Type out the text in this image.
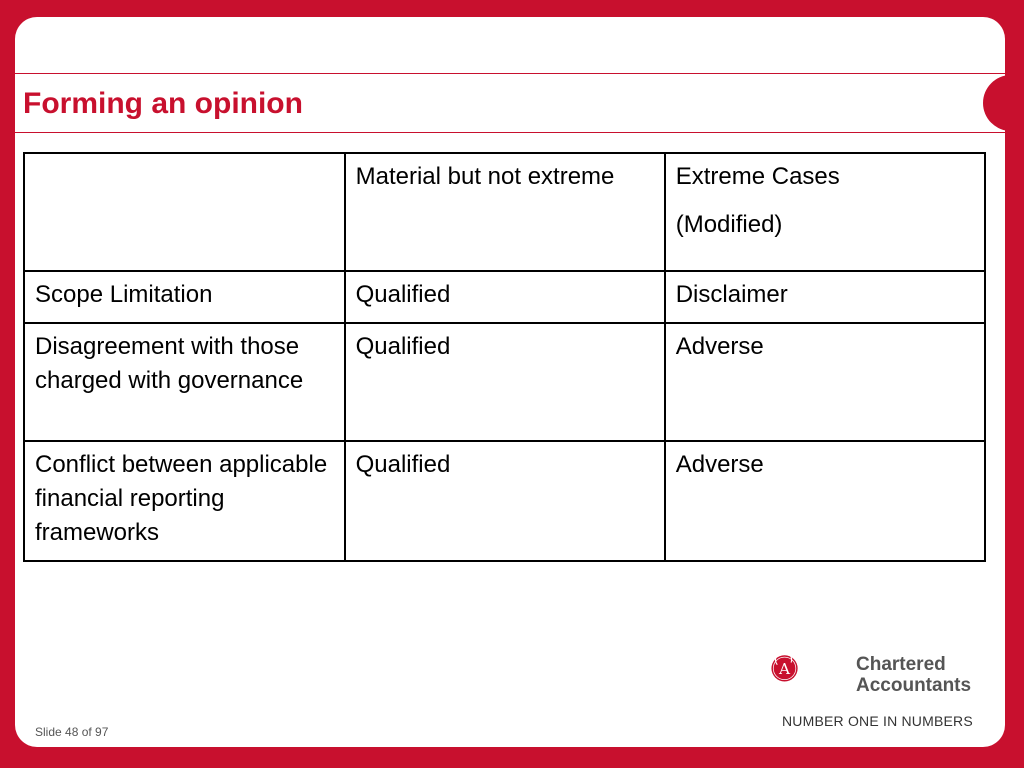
Forming an opinion
	Material but not extreme	Extreme Cases
(Modified)
Scope Limitation	Qualified	Disclaimer
Disagreement with those charged with governance	Qualified	Adverse
Conflict between applicable financial reporting frameworks	Qualified	Adverse
Slide 48 of 97
A	Chartered
Accountants
NUMBER ONE IN NUMBERS
